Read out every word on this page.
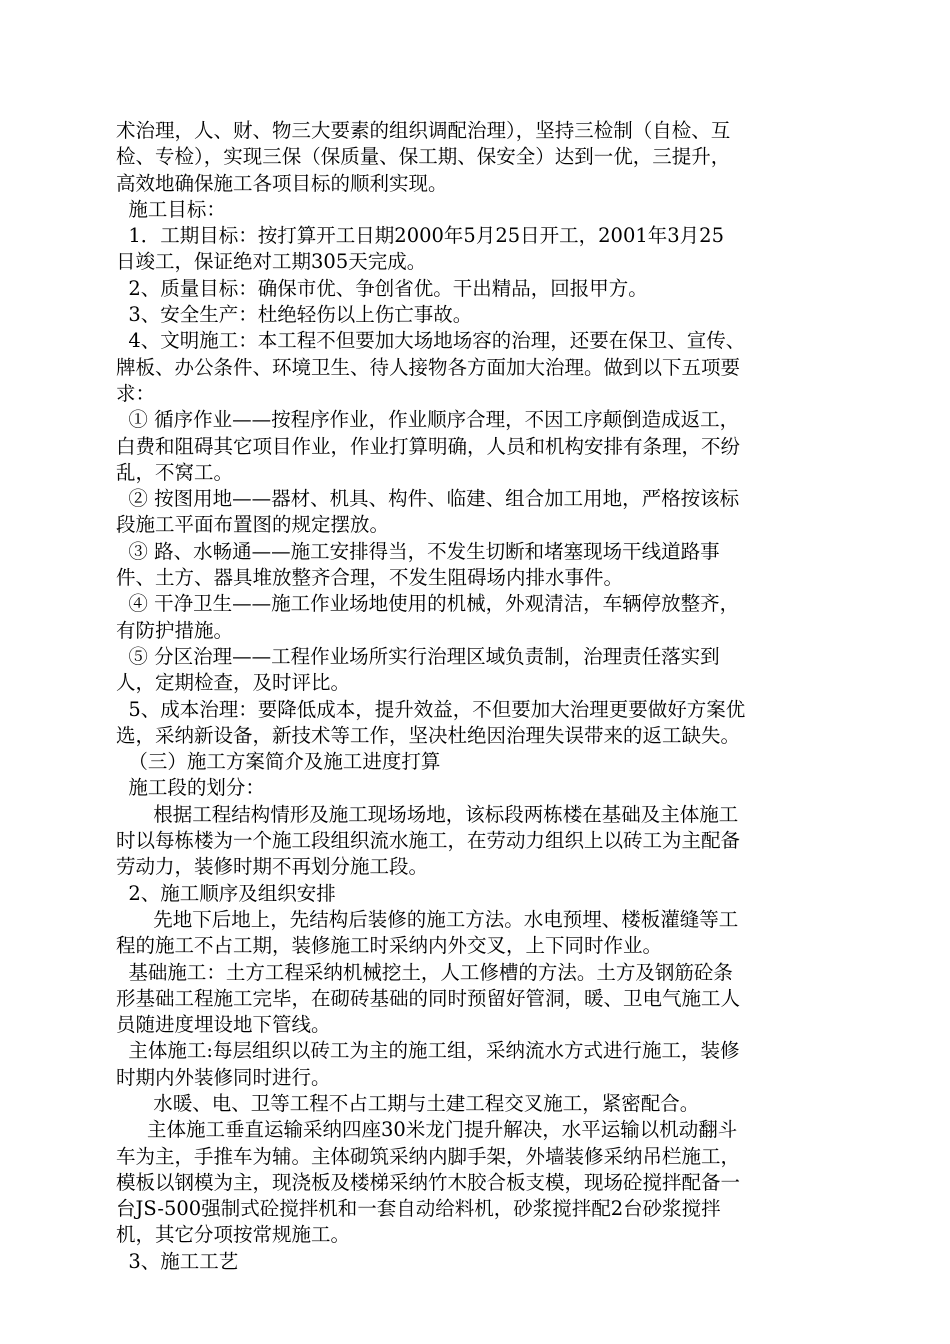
术治理，人、财、物三大要素的组织调配治理），坚持三检制（自检、互
检、专检），实现三保（保质量、保工期、保安全）达到一优，三提升，
高效地确保施工各项目标的顺利实现。
施工目标：
1．工期目标：按打算开工日期2000年5月25日开工，2001年3月25
日竣工，保证绝对工期305天完成。
2、质量目标：确保市优、争创省优。干出精品，回报甲方。
3、安全生产：杜绝轻伤以上伤亡事故。
4、文明施工：本工程不但要加大场地场容的治理，还要在保卫、宣传、
牌板、办公条件、环境卫生、待人接物各方面加大治理。做到以下五项要
求：
① 循序作业——按程序作业，作业顺序合理，不因工序颠倒造成返工，
白费和阻碍其它项目作业，作业打算明确，人员和机构安排有条理，不纷
乱，不窝工。
② 按图用地——器材、机具、构件、临建、组合加工用地，严格按该标
段施工平面布置图的规定摆放。
③ 路、水畅通——施工安排得当，不发生切断和堵塞现场干线道路事
件、土方、器具堆放整齐合理，不发生阻碍场内排水事件。
④ 干净卫生——施工作业场地使用的机械，外观清洁，车辆停放整齐，
有防护措施。
⑤ 分区治理——工程作业场所实行治理区域负责制，治理责任落实到
人，定期检查，及时评比。
5、成本治理：要降低成本，提升效益，不但要加大治理更要做好方案优
选，采纳新设备，新技术等工作，坚决杜绝因治理失误带来的返工缺失。
（三）施工方案简介及施工进度打算
施工段的划分：
根据工程结构情形及施工现场场地，该标段两栋楼在基础及主体施工
时以每栋楼为一个施工段组织流水施工，在劳动力组织上以砖工为主配备
劳动力，装修时期不再划分施工段。
2、施工顺序及组织安排
先地下后地上，先结构后装修的施工方法。水电预埋、楼板灌缝等工
程的施工不占工期，装修施工时采纳内外交叉，上下同时作业。
基础施工：土方工程采纳机械挖土，人工修槽的方法。土方及钢筋砼条
形基础工程施工完毕，在砌砖基础的同时预留好管洞，暖、卫电气施工人
员随进度埋设地下管线。
主体施工:每层组织以砖工为主的施工组，采纳流水方式进行施工，装修
时期内外装修同时进行。
水暖、电、卫等工程不占工期与土建工程交叉施工，紧密配合。
主体施工垂直运输采纳四座30米龙门提升解决，水平运输以机动翻斗
车为主，手推车为辅。主体砌筑采纳内脚手架，外墙装修采纳吊栏施工，
模板以钢模为主，现浇板及楼梯采纳竹木胶合板支模，现场砼搅拌配备一
台JS-500强制式砼搅拌机和一套自动给料机，砂浆搅拌配2台砂浆搅拌
机，其它分项按常规施工。
3、施工工艺
